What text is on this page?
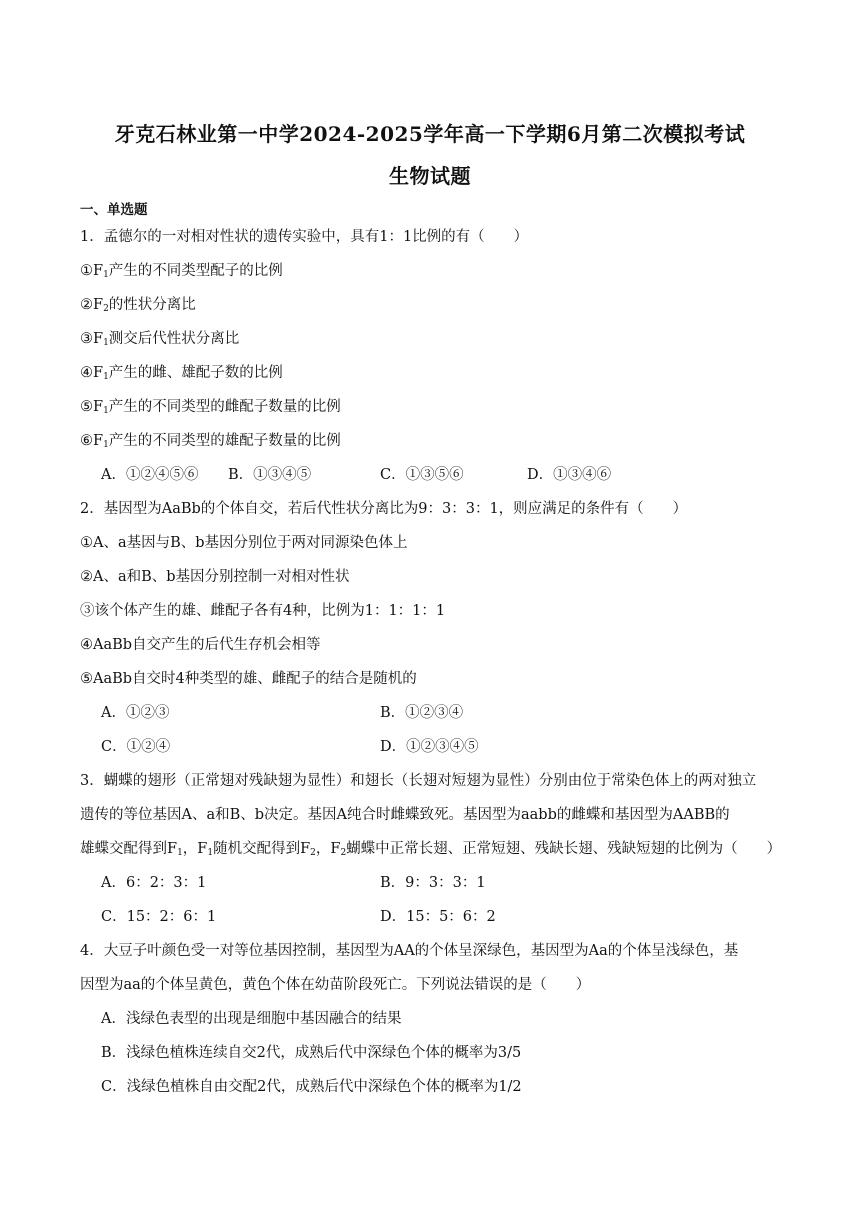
牙克石林业第一中学2024-2025学年高一下学期6月第二次模拟考试
生物试题
一、单选题
1．孟德尔的一对相对性状的遗传实验中，具有1：1比例的有（　　）
$①F_1$产生的不同类型配子的比例
$②F_2$的性状分离比
$③F_1$测交后代性状分离比
$④F_1$产生的雌、雄配子数的比例
$⑤F_1$产生的不同类型的雌配子数量的比例
$⑥F_1$产生的不同类型的雄配子数量的比例
A．①②④⑤⑥ B．①③④⑤	C．①③⑤⑥	D．①③④⑥
2．基因型为AaBb的个体自交，若后代性状分离比为9：3：3：1，则应满足的条件有（　　）
①A、a基因与B、b基因分别位于两对同源染色体上
②A、a和B、b基因分别控制一对相对性状
③该个体产生的雄、雌配子各有4种，比例为1：1：1：1
④AaBb自交产生的后代生存机会相等
⑤AaBb自交时4种类型的雄、雌配子的结合是随机的
A．①②③	B．①②③④
C．①②④	D．①②③④⑤
3．蝴蝶的翅形（正常翅对残缺翅为显性）和翅长（长翅对短翅为显性）分别由位于常染色体上的两对独立
遗传的等位基因A、a和B、b决定。基因A纯合时雌蝶致死。基因型为aabb的雌蝶和基因型为AABB的
雄蝶交配得到$F_1$，$F_1$随机交配得到$F_2$，$F_2$蝴蝶中正常长翅、正常短翅、残缺长翅、残缺短翅的比例为（　　）
A．6：2：3：1	B．9：3：3：1
C．15：2：6：1	D．15：5：6：2
4．大豆子叶颜色受一对等位基因控制，基因型为AA的个体呈深绿色，基因型为Aa的个体呈浅绿色，基
因型为aa的个体呈黄色，黄色个体在幼苗阶段死亡。下列说法错误的是（　　）
A．浅绿色表型的出现是细胞中基因融合的结果
B．浅绿色植株连续自交2代，成熟后代中深绿色个体的概率为3/5
C．浅绿色植株自由交配2代，成熟后代中深绿色个体的概率为1/2
